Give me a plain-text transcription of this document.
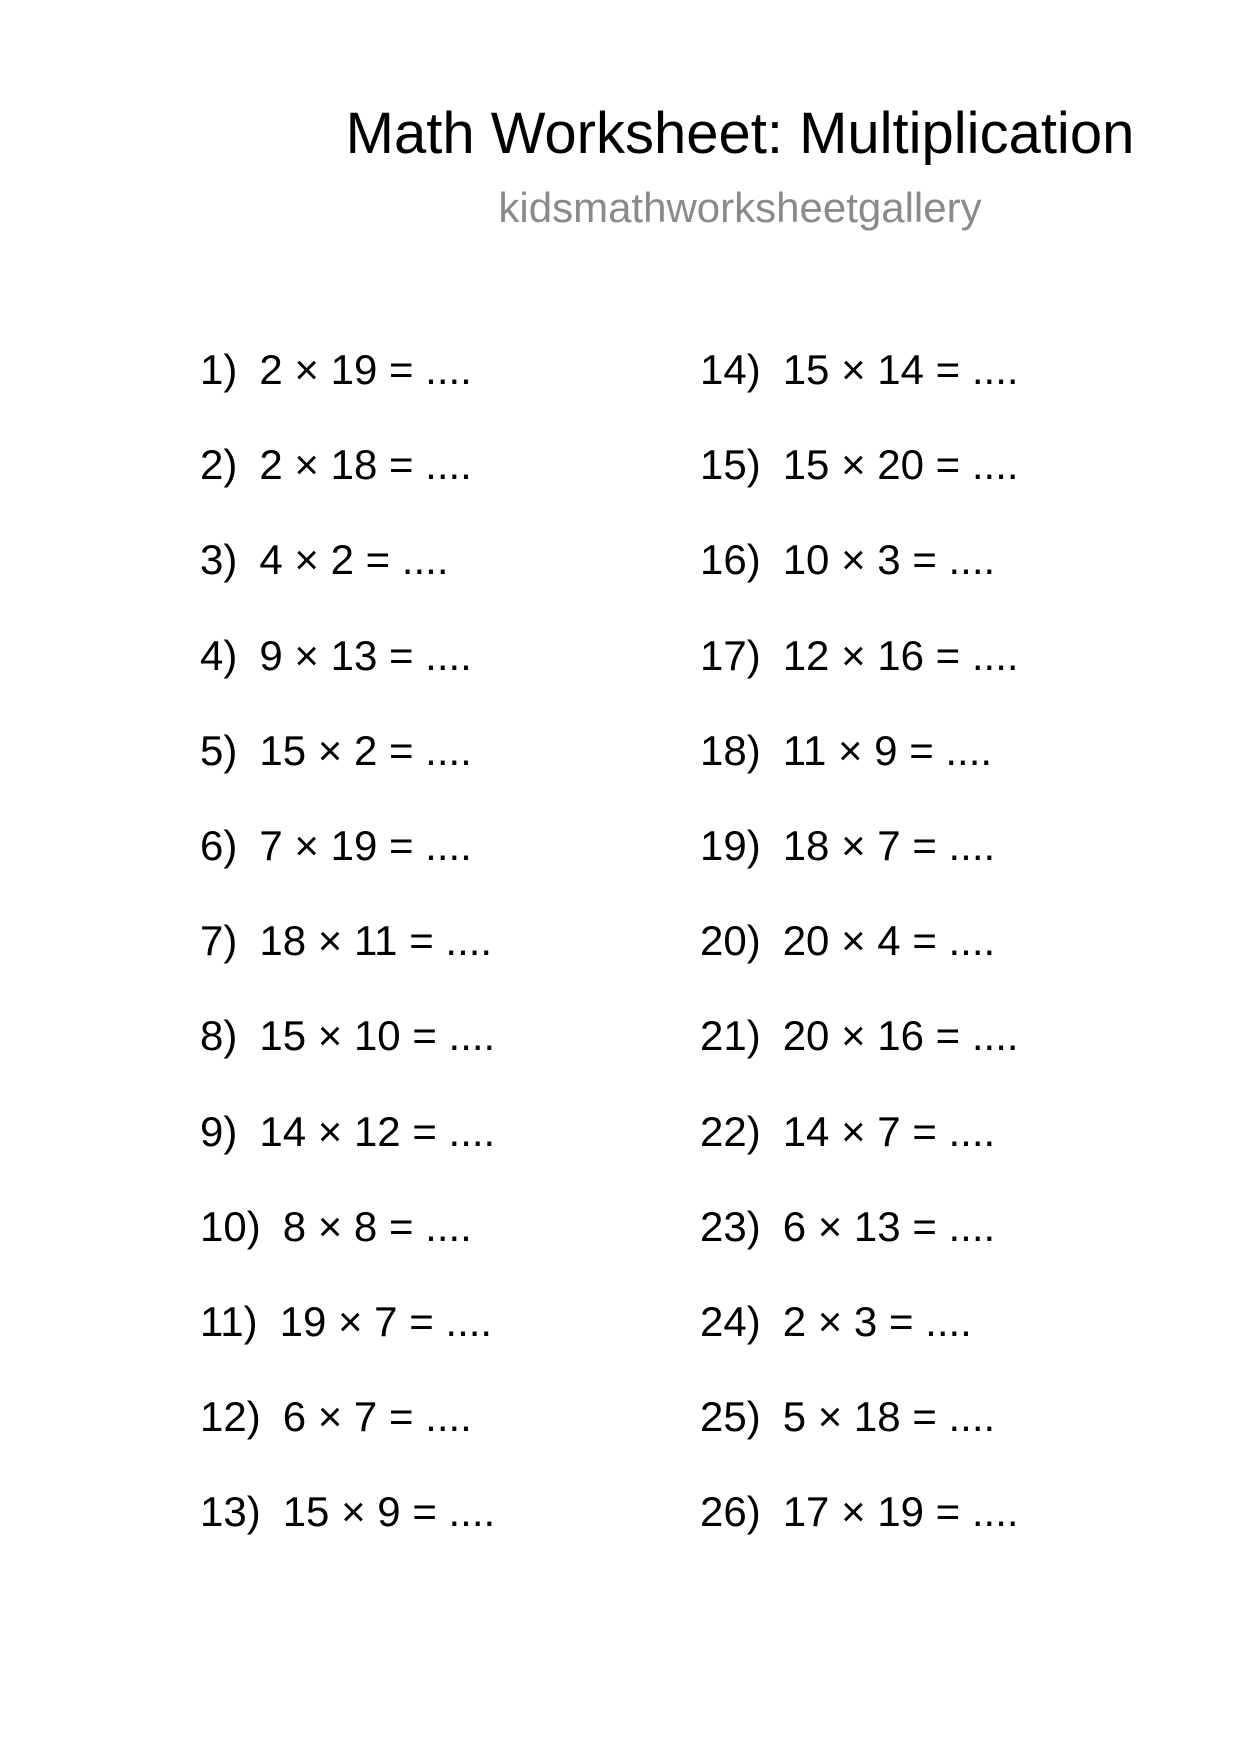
Math Worksheet: Multiplication
kidsmathworksheetgallery
1) 2 × 19 = ....
2) 2 × 18 = ....
3) 4 × 2 = ....
4) 9 × 13 = ....
5) 15 × 2 = ....
6) 7 × 19 = ....
7) 18 × 11 = ....
8) 15 × 10 = ....
9) 14 × 12 = ....
10) 8 × 8 = ....
11) 19 × 7 = ....
12) 6 × 7 = ....
13) 15 × 9 = ....
14) 15 × 14 = ....
15) 15 × 20 = ....
16) 10 × 3 = ....
17) 12 × 16 = ....
18) 11 × 9 = ....
19) 18 × 7 = ....
20) 20 × 4 = ....
21) 20 × 16 = ....
22) 14 × 7 = ....
23) 6 × 13 = ....
24) 2 × 3 = ....
25) 5 × 18 = ....
26) 17 × 19 = ....
